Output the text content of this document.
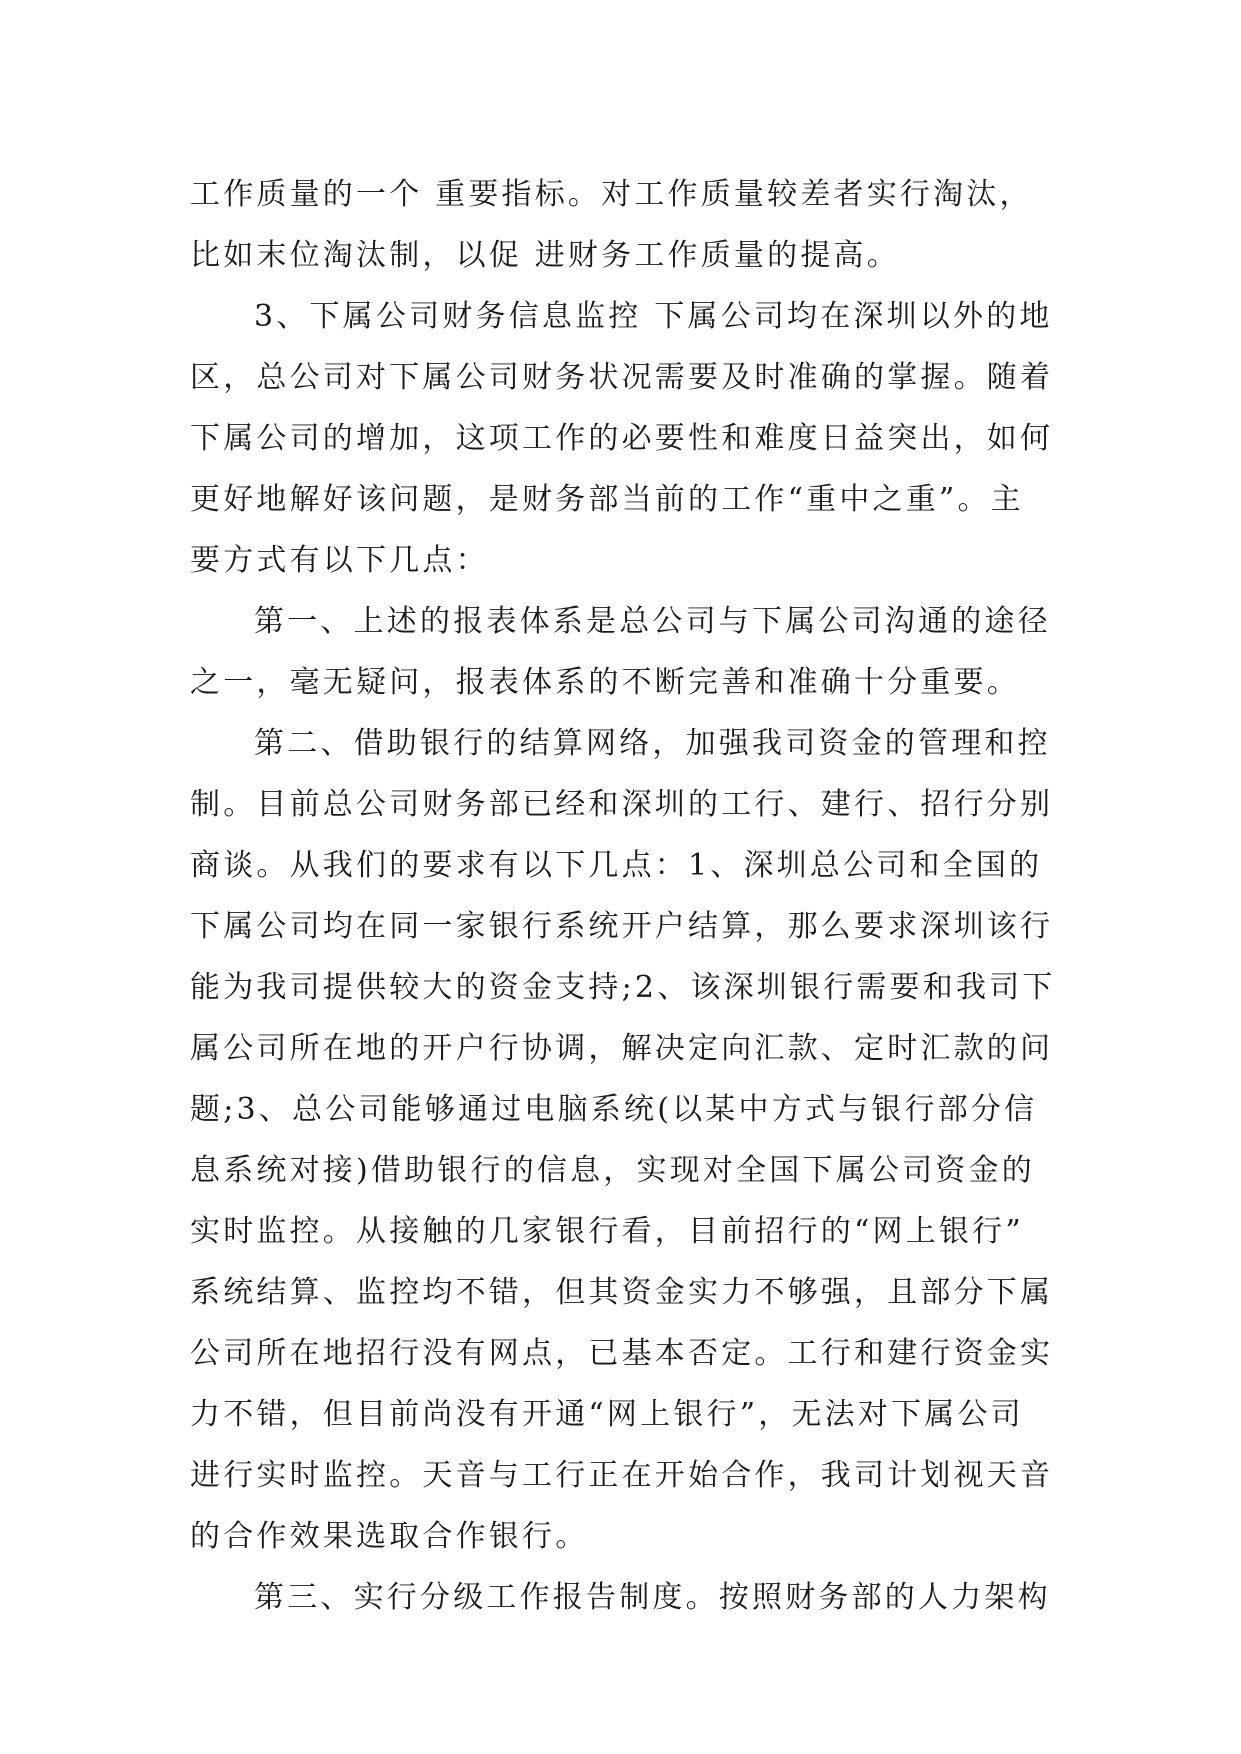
工作质量的一个 重要指标。对工作质量较差者实行淘汰，
比如末位淘汰制，以促 进财务工作质量的提高。
3、下属公司财务信息监控 下属公司均在深圳以外的地
区，总公司对下属公司财务状况需要及时准确的掌握。随着
下属公司的增加，这项工作的必要性和难度日益突出，如何
更好地解好该问题，是财务部当前的工作“重中之重”。主
要方式有以下几点：
第一、上述的报表体系是总公司与下属公司沟通的途径
之一，毫无疑问，报表体系的不断完善和准确十分重要。
第二、借助银行的结算网络，加强我司资金的管理和控
制。目前总公司财务部已经和深圳的工行、建行、招行分别
商谈。从我们的要求有以下几点：1、深圳总公司和全国的
下属公司均在同一家银行系统开户结算，那么要求深圳该行
能为我司提供较大的资金支持;2、该深圳银行需要和我司下
属公司所在地的开户行协调，解决定向汇款、定时汇款的问
题;3、总公司能够通过电脑系统(以某中方式与银行部分信
息系统对接)借助银行的信息，实现对全国下属公司资金的
实时监控。从接触的几家银行看，目前招行的“网上银行”
系统结算、监控均不错，但其资金实力不够强，且部分下属
公司所在地招行没有网点，已基本否定。工行和建行资金实
力不错，但目前尚没有开通“网上银行”，无法对下属公司
进行实时监控。天音与工行正在开始合作，我司计划视天音
的合作效果选取合作银行。
第三、实行分级工作报告制度。按照财务部的人力架构
